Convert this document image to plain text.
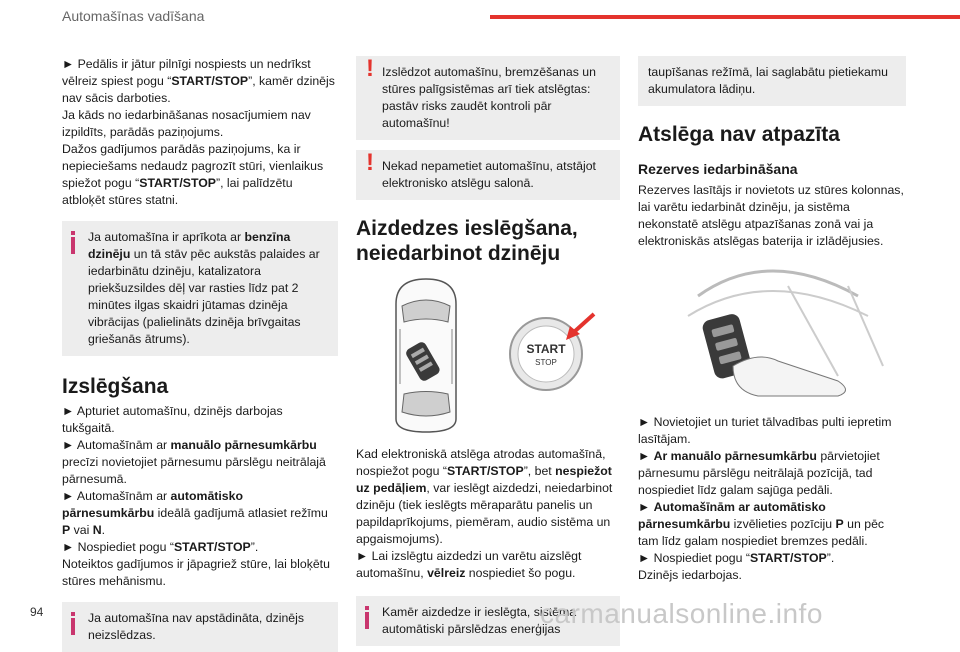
Automašīnas vadīšana

► Pedālis ir jātur pilnīgi nospiests un nedrīkst vēlreiz spiest pogu “START/STOP”, kamēr dzinējs nav sācis darboties.

Ja kāds no iedarbināšanas nosacījumiem nav izpildīts, parādās paziņojums.

Dažos gadījumos parādās paziņojums, ka ir nepieciešams nedaudz pagrozīt stūri, vienlaikus spiežot pogu “START/STOP”, lai palīdzētu atbloķēt stūres statni.

Ja automašīna ir aprīkota ar benzīna dzinēju un tā stāv pēc aukstās palaides ar iedarbinātu dzinēju, katalizatora priekšuzsildes dēļ var rasties līdz pat 2 minūtes ilgas skaidri jūtamas dzinēja vibrācijas (palielināts dzinēja brīvgaitas griešanās ātrums).

Izslēgšana

► Apturiet automašīnu, dzinējs darbojas tukšgaitā.

► Automašīnām ar manuālo pārnesumkārbu precīzi novietojiet pārnesumu pārslēgu neitrālajā pārnesumā.

► Automašīnām ar automātisko pārnesumkārbu ideālā gadījumā atlasiet režīmu P vai N.

► Nospiediet pogu “START/STOP”.

Noteiktos gadījumos ir jāpagriež stūre, lai bloķētu stūres mehānismu.

Ja automašīna nav apstādināta, dzinējs neizslēdzas.

! Izslēdzot automašīnu, bremzēšanas un stūres palīgsistēmas arī tiek atslēgtas: pastāv risks zaudēt kontroli pār automašīnu!

! Nekad nepametiet automašīnu, atstājot elektronisko atslēgu salonā.

Aizdedzes ieslēgšana, neiedarbinot dzinēju
START
STOP

Kad elektroniskā atslēga atrodas automašīnā, nospiežot pogu “START/STOP”, bet nespiežot uz pedāļiem, var ieslēgt aizdedzi, neiedarbinot dzinēju (tiek ieslēgts mēraparātu panelis un papildaprīkojums, piemēram, audio sistēma un apgaismojums).

► Lai izslēgtu aizdedzi un varētu aizslēgt automašīnu, vēlreiz nospiediet šo pogu.

Kamēr aizdedze ir ieslēgta, sistēma automātiski pārslēdzas enerģijas

taupīšanas režīmā, lai saglabātu pietiekamu akumulatora lādiņu.

Atslēga nav atpazīta
Rezerves iedarbināšana

Rezerves lasītājs ir novietots uz stūres kolonnas, lai varētu iedarbināt dzinēju, ja sistēma nekonstatē atslēgu atpazīšanas zonā vai ja elektroniskās atslēgas baterija ir izlādējusies.

► Novietojiet un turiet tālvadības pulti iepretim lasītājam.

► Ar manuālo pārnesumkārbu pārvietojiet pārnesumu pārslēgu neitrālajā pozīcijā, tad nospiediet līdz galam sajūga pedāli.

► Automašīnām ar automātisko pārnesumkārbu izvēlieties pozīciju P un pēc tam līdz galam nospiediet bremzes pedāli.

► Nospiediet pogu “START/STOP”.

Dzinējs iedarbojas.

94	carmanualsonline.info
